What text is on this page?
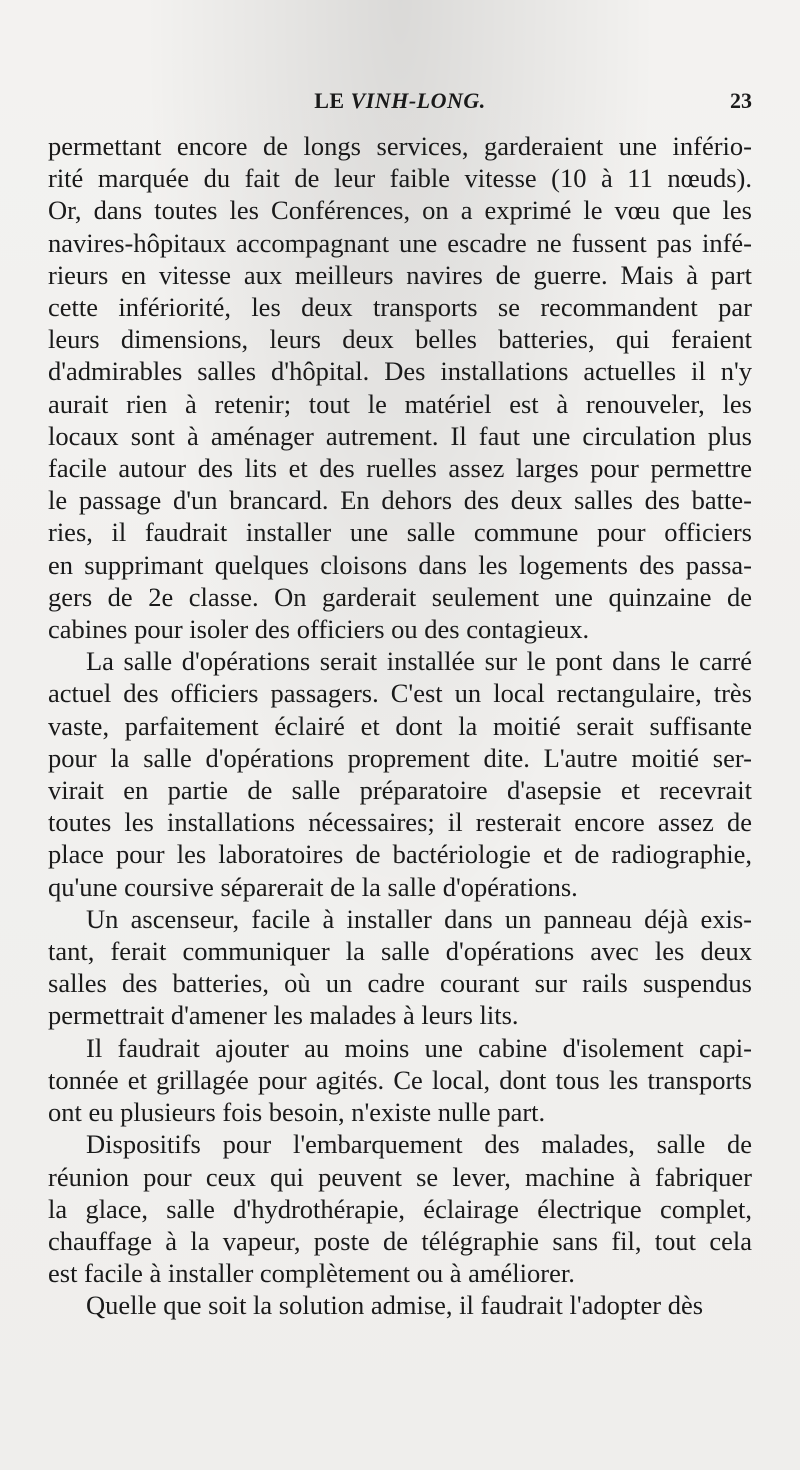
LE VINH-LONG.	23

permettant encore de longs services, garderaient une infério-
rité marquée du fait de leur faible vitesse (10 à 11 nœuds).
Or, dans toutes les Conférences, on a exprimé le vœu que les
navires-hôpitaux accompagnant une escadre ne fussent pas infé-
rieurs en vitesse aux meilleurs navires de guerre. Mais à part
cette infériorité, les deux transports se recommandent par
leurs dimensions, leurs deux belles batteries, qui feraient
d'admirables salles d'hôpital. Des installations actuelles il n'y
aurait rien à retenir; tout le matériel est à renouveler, les
locaux sont à aménager autrement. Il faut une circulation plus
facile autour des lits et des ruelles assez larges pour permettre
le passage d'un brancard. En dehors des deux salles des batte-
ries, il faudrait installer une salle commune pour officiers
en supprimant quelques cloisons dans les logements des passa-
gers de 2e classe. On garderait seulement une quinzaine de
cabines pour isoler des officiers ou des contagieux.

La salle d'opérations serait installée sur le pont dans le carré
actuel des officiers passagers. C'est un local rectangulaire, très
vaste, parfaitement éclairé et dont la moitié serait suffisante
pour la salle d'opérations proprement dite. L'autre moitié ser-
virait en partie de salle préparatoire d'asepsie et recevrait
toutes les installations nécessaires; il resterait encore assez de
place pour les laboratoires de bactériologie et de radiographie,
qu'une coursive séparerait de la salle d'opérations.

Un ascenseur, facile à installer dans un panneau déjà exis-
tant, ferait communiquer la salle d'opérations avec les deux
salles des batteries, où un cadre courant sur rails suspendus
permettrait d'amener les malades à leurs lits.

Il faudrait ajouter au moins une cabine d'isolement capi-
tonnée et grillagée pour agités. Ce local, dont tous les transports
ont eu plusieurs fois besoin, n'existe nulle part.

Dispositifs pour l'embarquement des malades, salle de
réunion pour ceux qui peuvent se lever, machine à fabriquer
la glace, salle d'hydrothérapie, éclairage électrique complet,
chauffage à la vapeur, poste de télégraphie sans fil, tout cela
est facile à installer complètement ou à améliorer.

Quelle que soit la solution admise, il faudrait l'adopter dès
